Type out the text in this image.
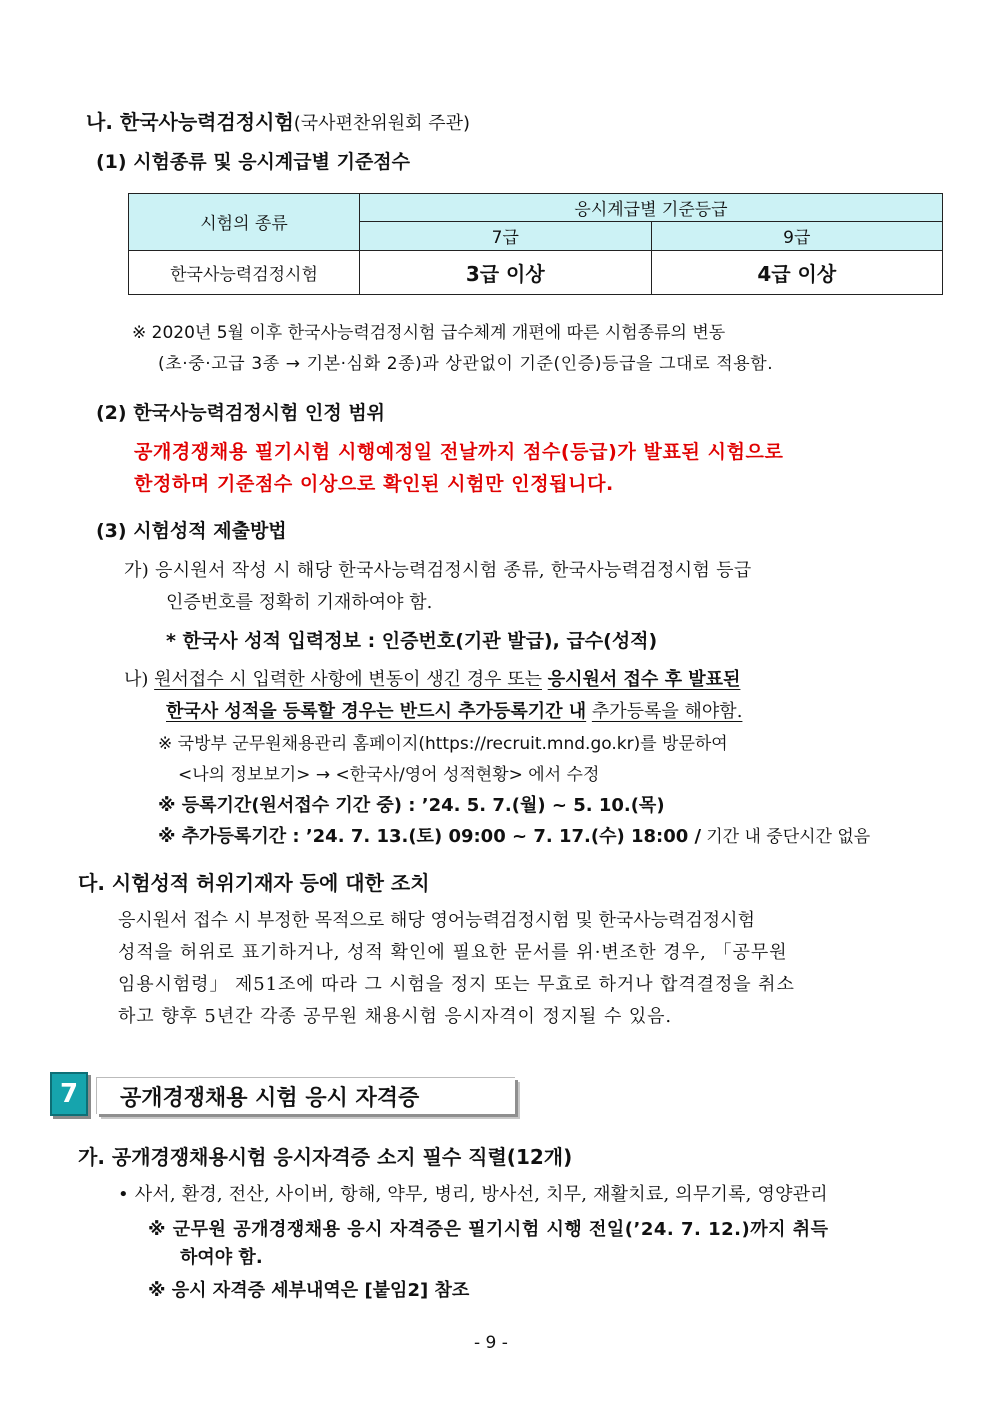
나. 한국사능력검정시험(국사편찬위원회 주관)
(1) 시험종류 및 응시계급별 기준점수
시험의 종류	응시계급별 기준등급	
	7급	9급
한국사능력검정시험	3급 이상	4급 이상
※ 2020년 5월 이후 한국사능력검정시험 급수체계 개편에 따른 시험종류의 변동
(초·중·고급 3종 → 기본·심화 2종)과 상관없이 기준(인증)등급을 그대로 적용함.
(2) 한국사능력검정시험 인정 범위
공개경쟁채용 필기시험 시행예정일 전날까지 점수(등급)가 발표된 시험으로
한정하며 기준점수 이상으로 확인된 시험만 인정됩니다.
(3) 시험성적 제출방법
가) 응시원서 작성 시 해당 한국사능력검정시험 종류, 한국사능력검정시험 등급
인증번호를 정확히 기재하여야 함.
* 한국사 성적 입력정보 : 인증번호(기관 발급), 급수(성적)
나) 원서접수 시 입력한 사항에 변동이 생긴 경우 또는 응시원서 접수 후 발표된
한국사 성적을 등록할 경우는 반드시 추가등록기간 내 추가등록을 해야함.
※ 국방부 군무원채용관리 홈페이지(https://recruit.mnd.go.kr)를 방문하여
<나의 정보보기> → <한국사/영어 성적현황> 에서 수정
※ 등록기간(원서접수 기간 중) : ’24. 5. 7.(월) ~ 5. 10.(목)
※ 추가등록기간 : ’24. 7. 13.(토) 09:00 ~ 7. 17.(수) 18:00 / 기간 내 중단시간 없음
다. 시험성적 허위기재자 등에 대한 조치
응시원서 접수 시 부정한 목적으로 해당 영어능력검정시험 및 한국사능력검정시험
성적을 허위로 표기하거나, 성적 확인에 필요한 문서를 위·변조한 경우, 「공무원
임용시험령」 제51조에 따라 그 시험을 정지 또는 무효로 하거나 합격결정을 취소
하고 향후 5년간 각종 공무원 채용시험 응시자격이 정지될 수 있음.
7	공개경쟁채용 시험 응시 자격증
가. 공개경쟁채용시험 응시자격증 소지 필수 직렬(12개)
• 사서, 환경, 전산, 사이버, 항해, 약무, 병리, 방사선, 치무, 재활치료, 의무기록, 영양관리
※ 군무원 공개경쟁채용 응시 자격증은 필기시험 시행 전일(’24. 7. 12.)까지 취득
하여야 함.
※ 응시 자격증 세부내역은 [붙임2] 참조
- 9 -
